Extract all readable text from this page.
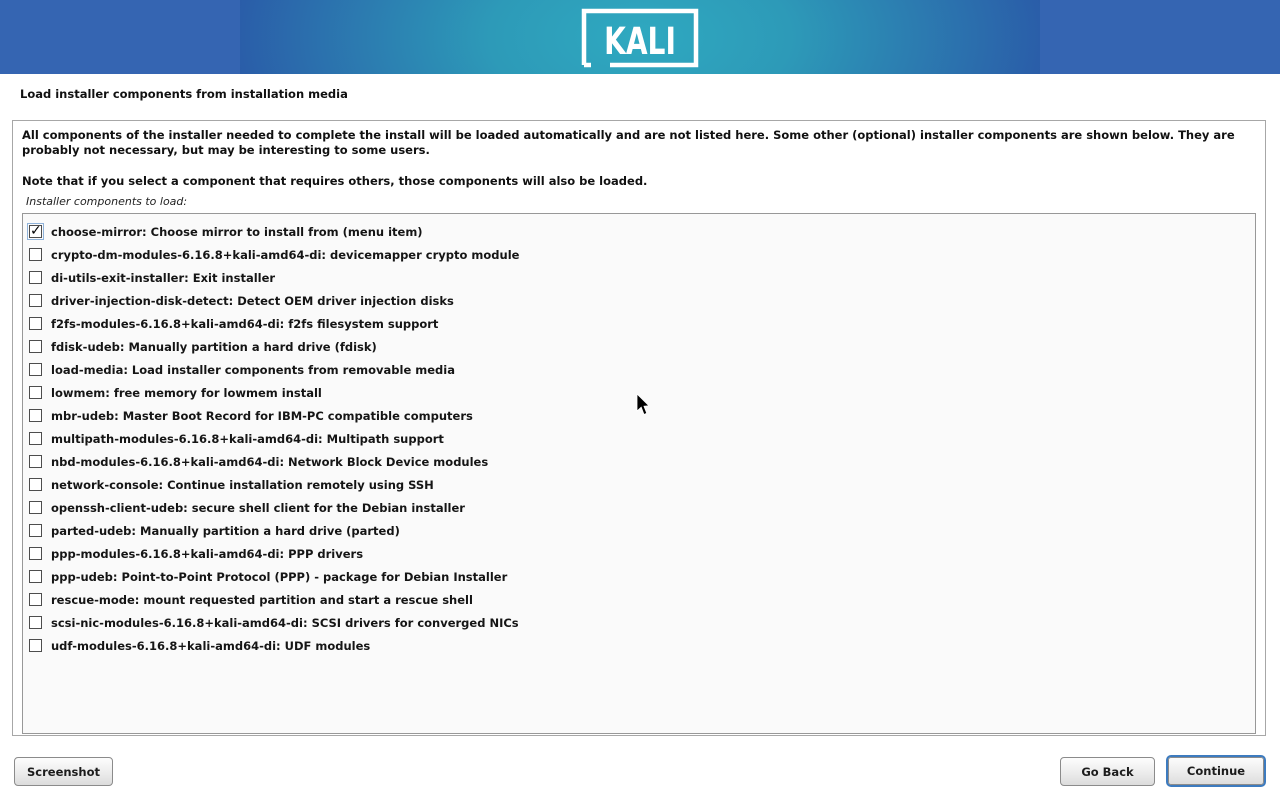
KALI
Load installer components from installation media

All components of the installer needed to complete the install will be loaded automatically and are not listed here. Some other (optional) installer components are shown below. They are probably not necessary, but may be interesting to some users.

Note that if you select a component that requires others, those components will also be loaded.

Installer components to load:
✓
choose-mirror: Choose mirror to install from (menu item)
crypto-dm-modules-6.16.8+kali-amd64-di: devicemapper crypto module
di-utils-exit-installer: Exit installer
driver-injection-disk-detect: Detect OEM driver injection disks
f2fs-modules-6.16.8+kali-amd64-di: f2fs filesystem support
fdisk-udeb: Manually partition a hard drive (fdisk)
load-media: Load installer components from removable media
lowmem: free memory for lowmem install
mbr-udeb: Master Boot Record for IBM-PC compatible computers
multipath-modules-6.16.8+kali-amd64-di: Multipath support
nbd-modules-6.16.8+kali-amd64-di: Network Block Device modules
network-console: Continue installation remotely using SSH
openssh-client-udeb: secure shell client for the Debian installer
parted-udeb: Manually partition a hard drive (parted)
ppp-modules-6.16.8+kali-amd64-di: PPP drivers
ppp-udeb: Point-to-Point Protocol (PPP) - package for Debian Installer
rescue-mode: mount requested partition and start a rescue shell
scsi-nic-modules-6.16.8+kali-amd64-di: SCSI drivers for converged NICs
udf-modules-6.16.8+kali-amd64-di: UDF modules
Screenshot	Go Back	Continue
